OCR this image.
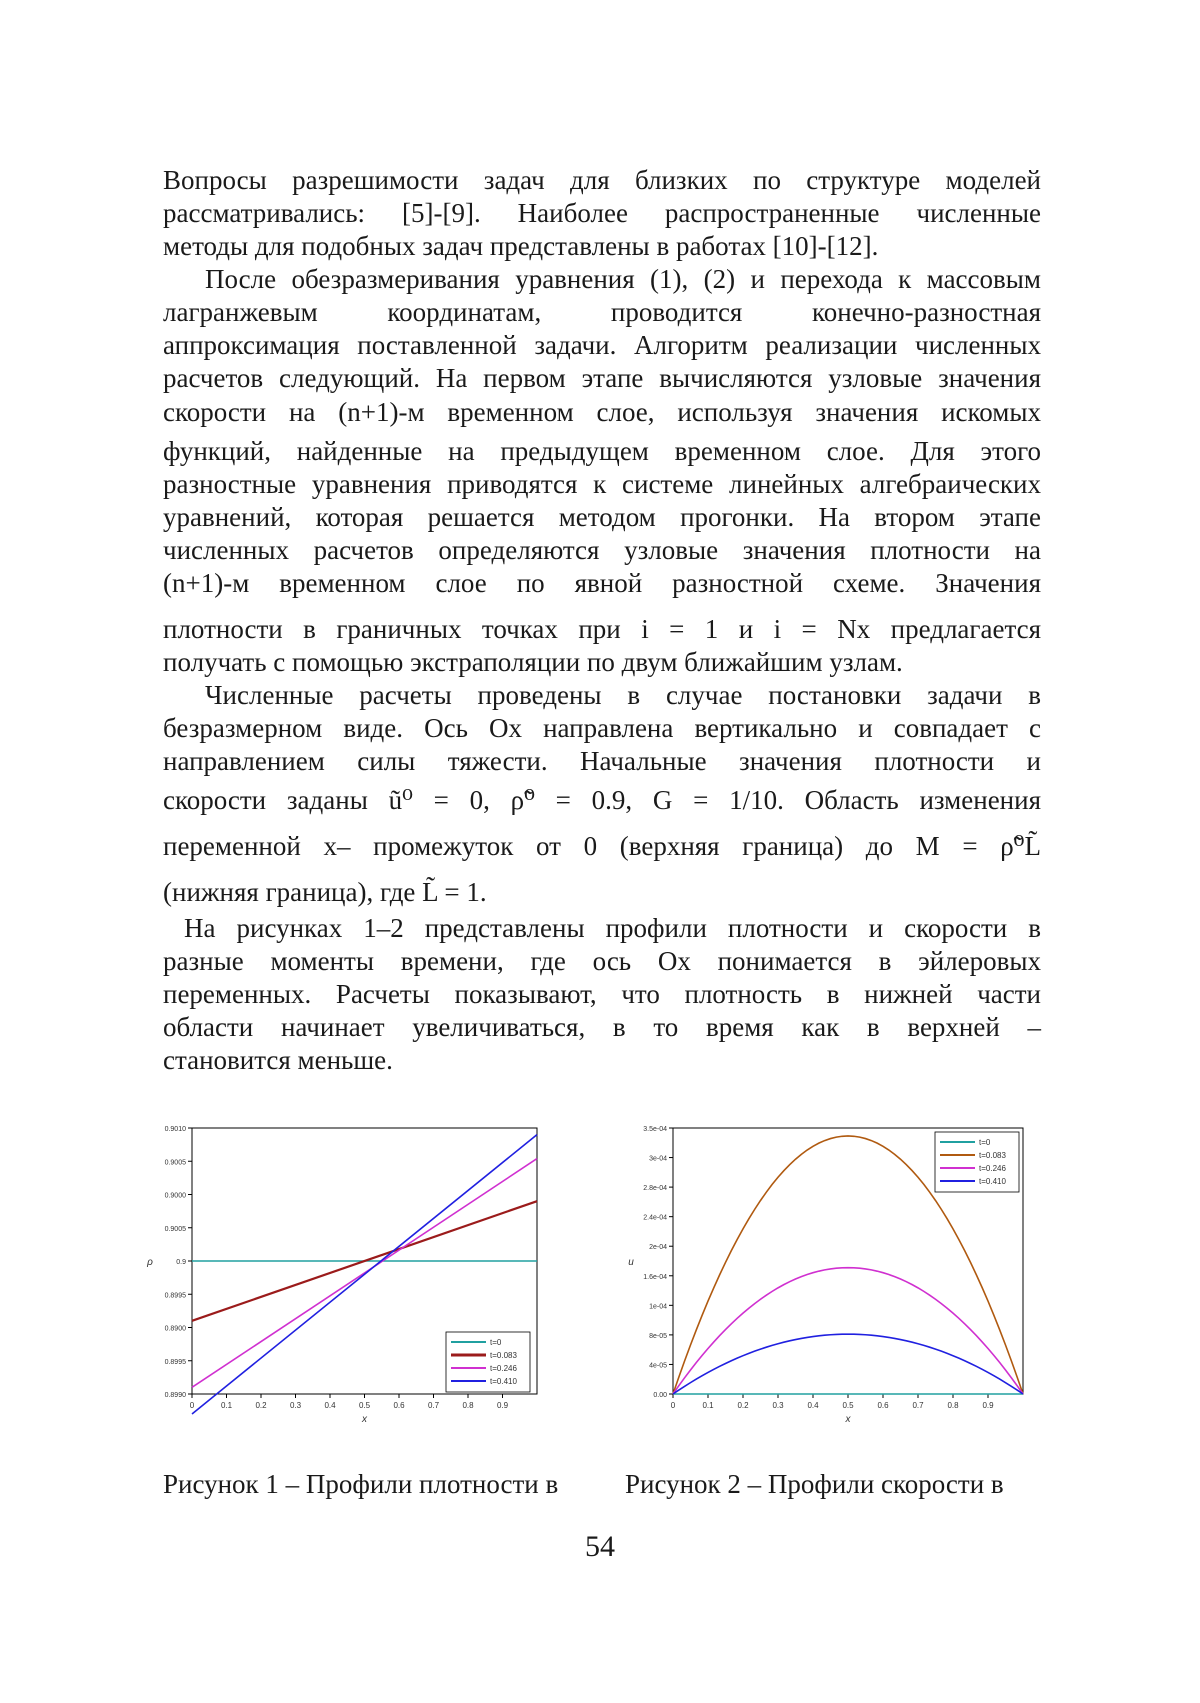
Вопросы разрешимости задач для близких по структуре моделей
рассматривались: [5]-[9]. Наиболее распространенные численные
методы для подобных задач представлены в работах [10]-[12].
После обезразмеривания уравнения (1), (2) и перехода к массовым
лагранжевым координатам, проводится конечно-разностная
аппроксимация поставленной задачи. Алгоритм реализации численных
расчетов следующий. На первом этапе вычисляются узловые значения
скорости на (n+1)-м временном слое, используя значения искомых
функций, найденные на предыдущем временном слое. Для этого
разностные уравнения приводятся к системе линейных алгебраических
уравнений, которая решается методом прогонки. На втором этапе
численных расчетов определяются узловые значения плотности на
(n+1)-м временном слое по явной разностной схеме. Значения
плотности в граничных точках при i = 1 и i = Nx предлагается
получать с помощью экстраполяции по двум ближайшим узлам.
Численные расчеты проведены в случае постановки задачи в
безразмерном виде. Ось Ox направлена вертикально и совпадает с
направлением силы тяжести. Начальные значения плотности и
скорости заданы ũ⁰ = 0, ρ̃⁰ = 0.9, G = 1/10. Область изменения
переменной x– промежуток от 0 (верхняя граница) до M = ρ̃⁰L̃
(нижняя граница), где L̃ = 1.
На рисунках 1–2 представлены профили плотности и скорости в
разные моменты времени, где ось Ох понимается в эйлеровых
переменных. Расчеты показывают, что плотность в нижней части
области начинает увеличиваться, в то время как в верхней –
становится меньше.
0	0.1	0.2	0.3	0.4	0.5	0.6	0.7	0.8	0.9
0.8990
0.8995
0.8900
0.8995
0.9
0.9005
0.9000
0.9005
0.9010
x
ρ
t=0
t=0.083
t=0.246
t=0.410
0	0.1	0.2	0.3	0.4	0.5	0.6	0.7	0.8	0.9
0.00
4e-05
8e-05
1e-04
1.6e-04
2e-04
2.4e-04
2.8e-04
3e-04
3.5e-04
x
u
t=0
t=0.083
t=0.246
t=0.410
Рисунок 1 – Профили плотности в Рисунок 2 – Профили скорости в
54
